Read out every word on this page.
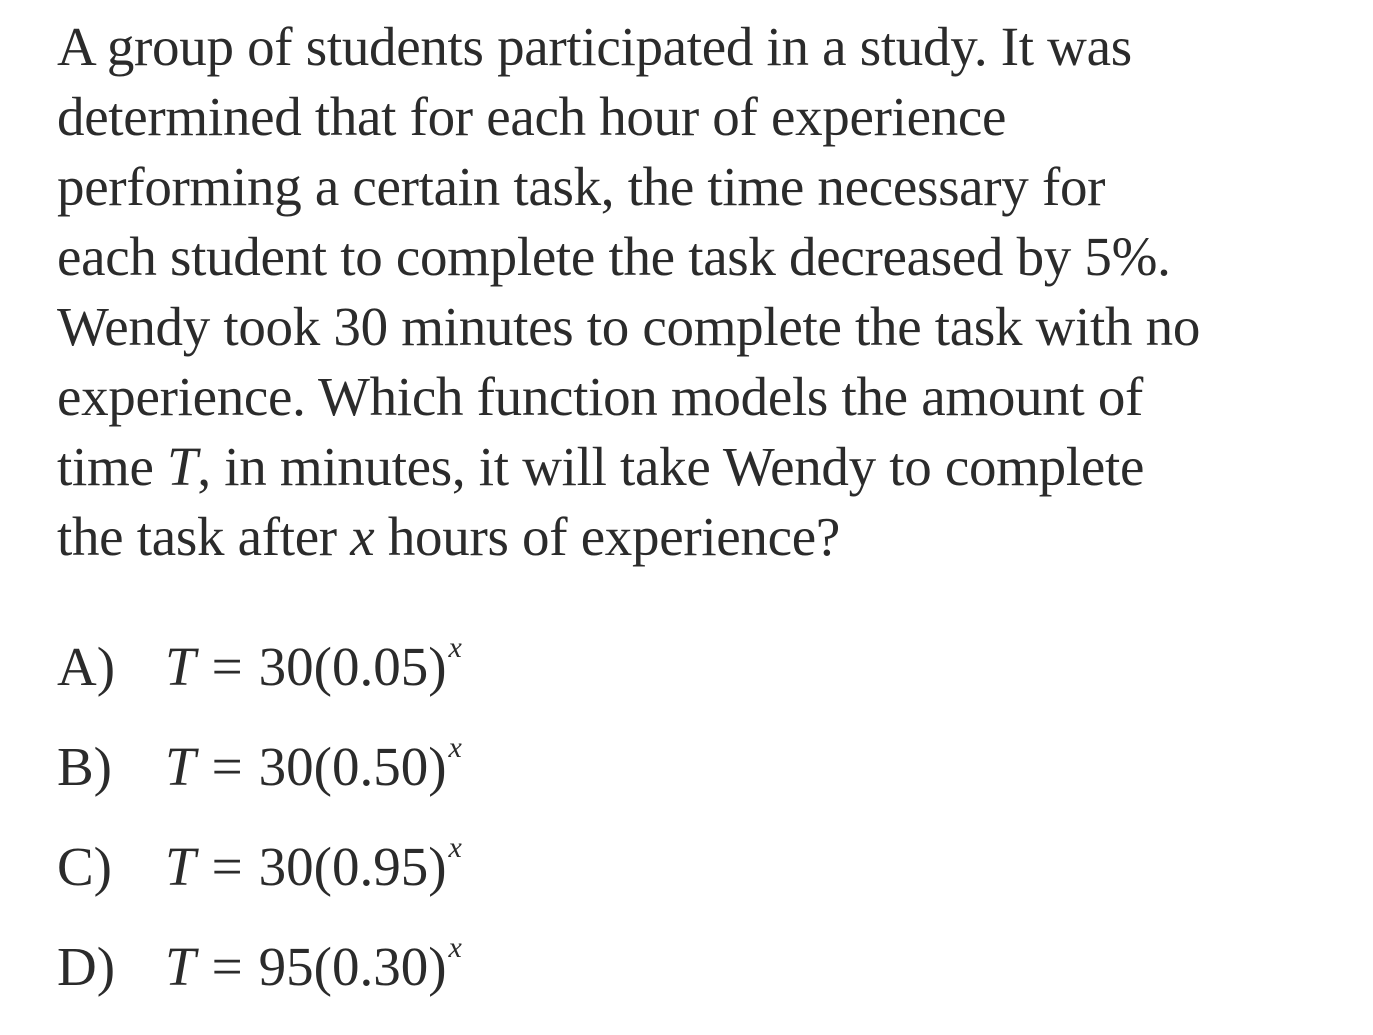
A group of students participated in a study. It was
determined that for each hour of experience
performing a certain task, the time necessary for
each student to complete the task decreased by 5%.
Wendy took 30 minutes to complete the task with no
experience. Which function models the amount of
time T, in minutes, it will take Wendy to complete
the task after x hours of experience?
A) T = 30(0.05) x
B) T = 30(0.50) x
C) T = 30(0.95) x
D) T = 95(0.30) x
